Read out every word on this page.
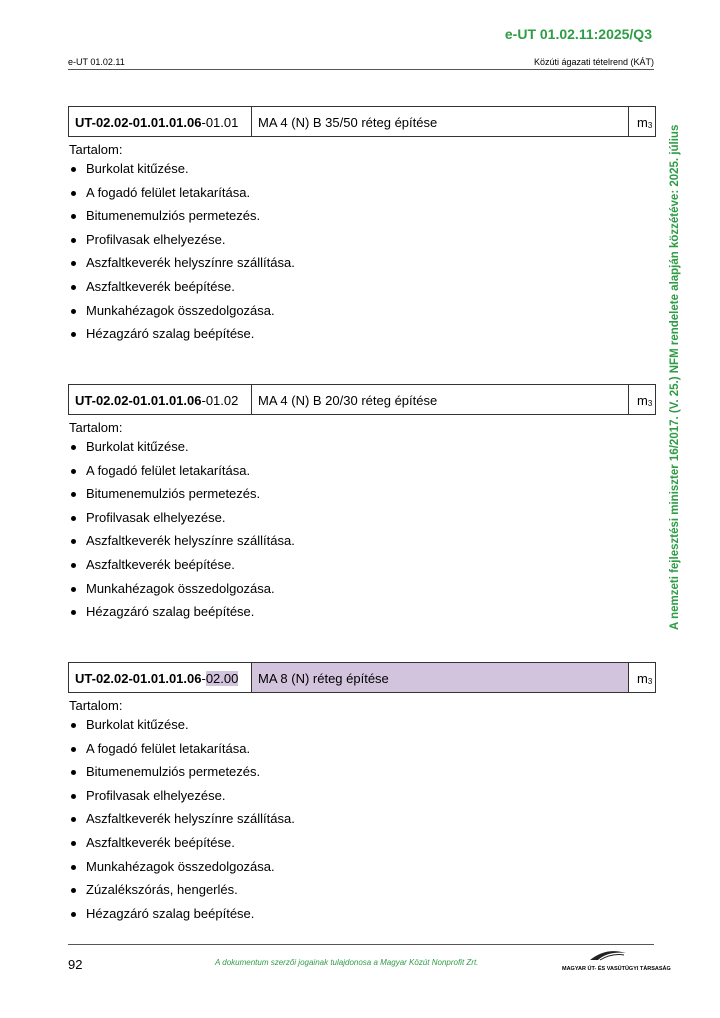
e-UT 01.02.11:2025/Q3
e-UT 01.02.11	Közúti ágazati tételrend (KÁT)
A nemzeti fejlesztési miniszter 16/2017. (V. 25.) NFM rendelete alapján közzétéve: 2025. július
UT-02.02-01.01.01.06 -01.01	MA 4 (N) B 35/50 réteg építése	$m_3$
Tartalom:
Burkolat kitűzése.
A fogadó felület letakarítása.
Bitumenemulziós permetezés.
Profilvasak elhelyezése.
Aszfaltkeverék helyszínre szállítása.
Aszfaltkeverék beépítése.
Munkahézagok összedolgozása.
Hézagzáró szalag beépítése.
UT-02.02-01.01.01.06 -01.02	MA 4 (N) B 20/30 réteg építése	$m_3$
Tartalom:
Burkolat kitűzése.
A fogadó felület letakarítása.
Bitumenemulziós permetezés.
Profilvasak elhelyezése.
Aszfaltkeverék helyszínre szállítása.
Aszfaltkeverék beépítése.
Munkahézagok összedolgozása.
Hézagzáró szalag beépítése.
UT-02.02-01.01.01.06 - 02.00	MA 8 (N) réteg építése	$m_3$
Tartalom:
Burkolat kitűzése.
A fogadó felület letakarítása.
Bitumenemulziós permetezés.
Profilvasak elhelyezése.
Aszfaltkeverék helyszínre szállítása.
Aszfaltkeverék beépítése.
Munkahézagok összedolgozása.
Zúzalékszórás, hengerlés.
Hézagzáró szalag beépítése.
92	A dokumentum szerzői jogainak tulajdonosa a Magyar Közút Nonprofit Zrt.
MAGYAR ÚT- ÉS VASÚTÜGYI TÁRSASÁG
